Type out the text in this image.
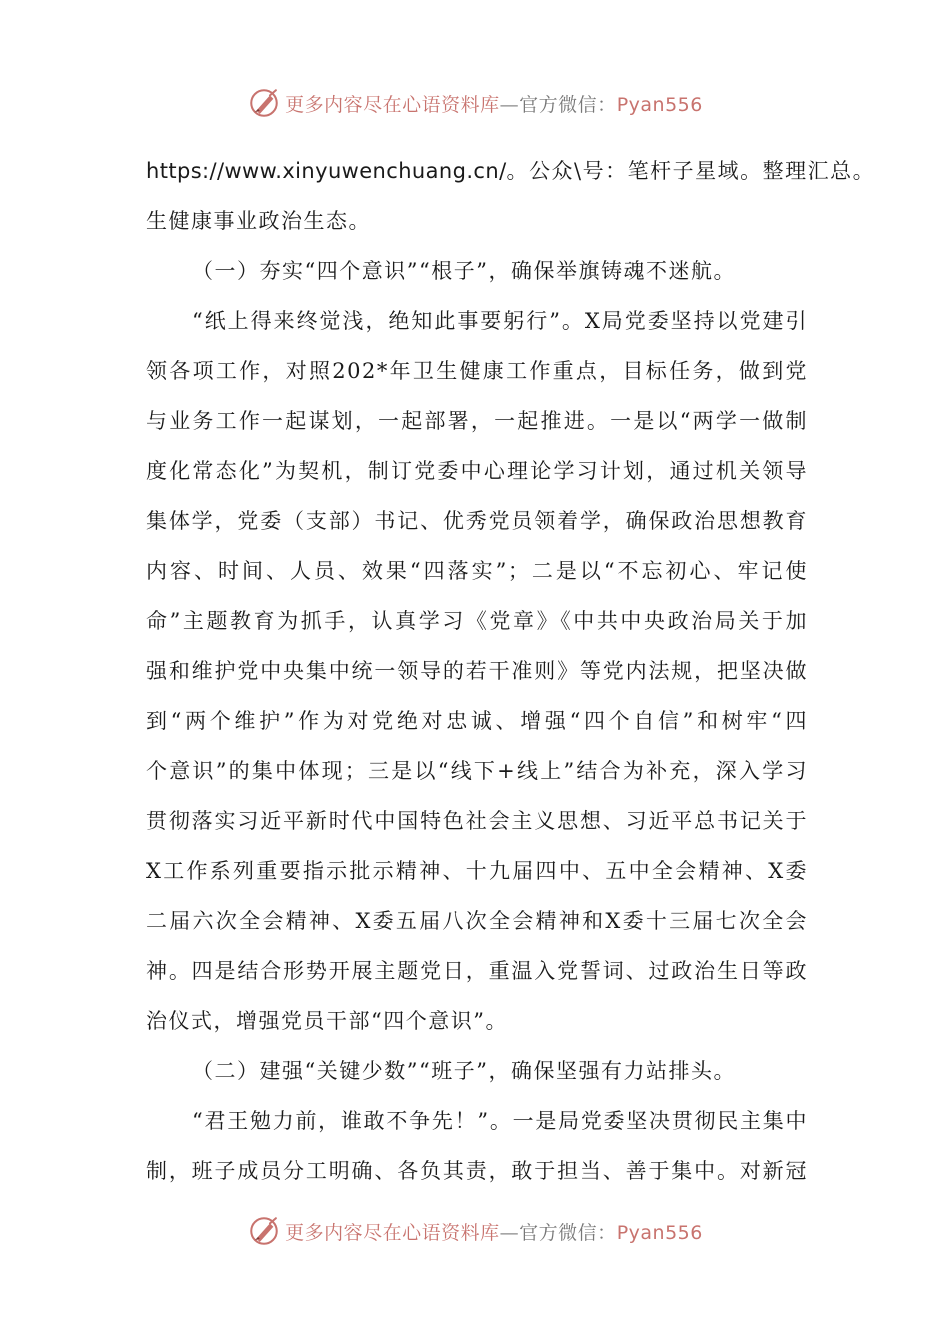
更多内容尽在心语资料库—官方微信：Pyan556
https://www.xinyuwenchuang.cn/。公众\号：笔杆子星域。整理汇总。
生健康事业政治生态。
（一）夯实“四个意识”“根子”，确保举旗铸魂不迷航。
“纸上得来终觉浅，绝知此事要躬行”。X局党委坚持以党建引
领各项工作，对照202*年卫生健康工作重点，目标任务，做到党
与业务工作一起谋划，一起部署，一起推进。一是以“两学一做制
度化常态化”为契机，制订党委中心理论学习计划，通过机关领导
集体学，党委（支部）书记、优秀党员领着学，确保政治思想教育
内容、时间、人员、效果“四落实”；二是以“不忘初心、牢记使
命”主题教育为抓手，认真学习《党章》《中共中央政治局关于加
强和维护党中央集中统一领导的若干准则》等党内法规，把坚决做
到“两个维护”作为对党绝对忠诚、增强“四个自信”和树牢“四
个意识”的集中体现；三是以“线下+线上”结合为补充，深入学习
贯彻落实习近平新时代中国特色社会主义思想、习近平总书记关于
X工作系列重要指示批示精神、十九届四中、五中全会精神、X委
二届六次全会精神、X委五届八次全会精神和X委十三届七次全会
神。四是结合形势开展主题党日，重温入党誓词、过政治生日等政
治仪式，增强党员干部“四个意识”。
（二）建强“关键少数”“班子”，确保坚强有力站排头。
“君王勉力前，谁敢不争先！”。一是局党委坚决贯彻民主集中
制，班子成员分工明确、各负其责，敢于担当、善于集中。对新冠
更多内容尽在心语资料库—官方微信：Pyan556
